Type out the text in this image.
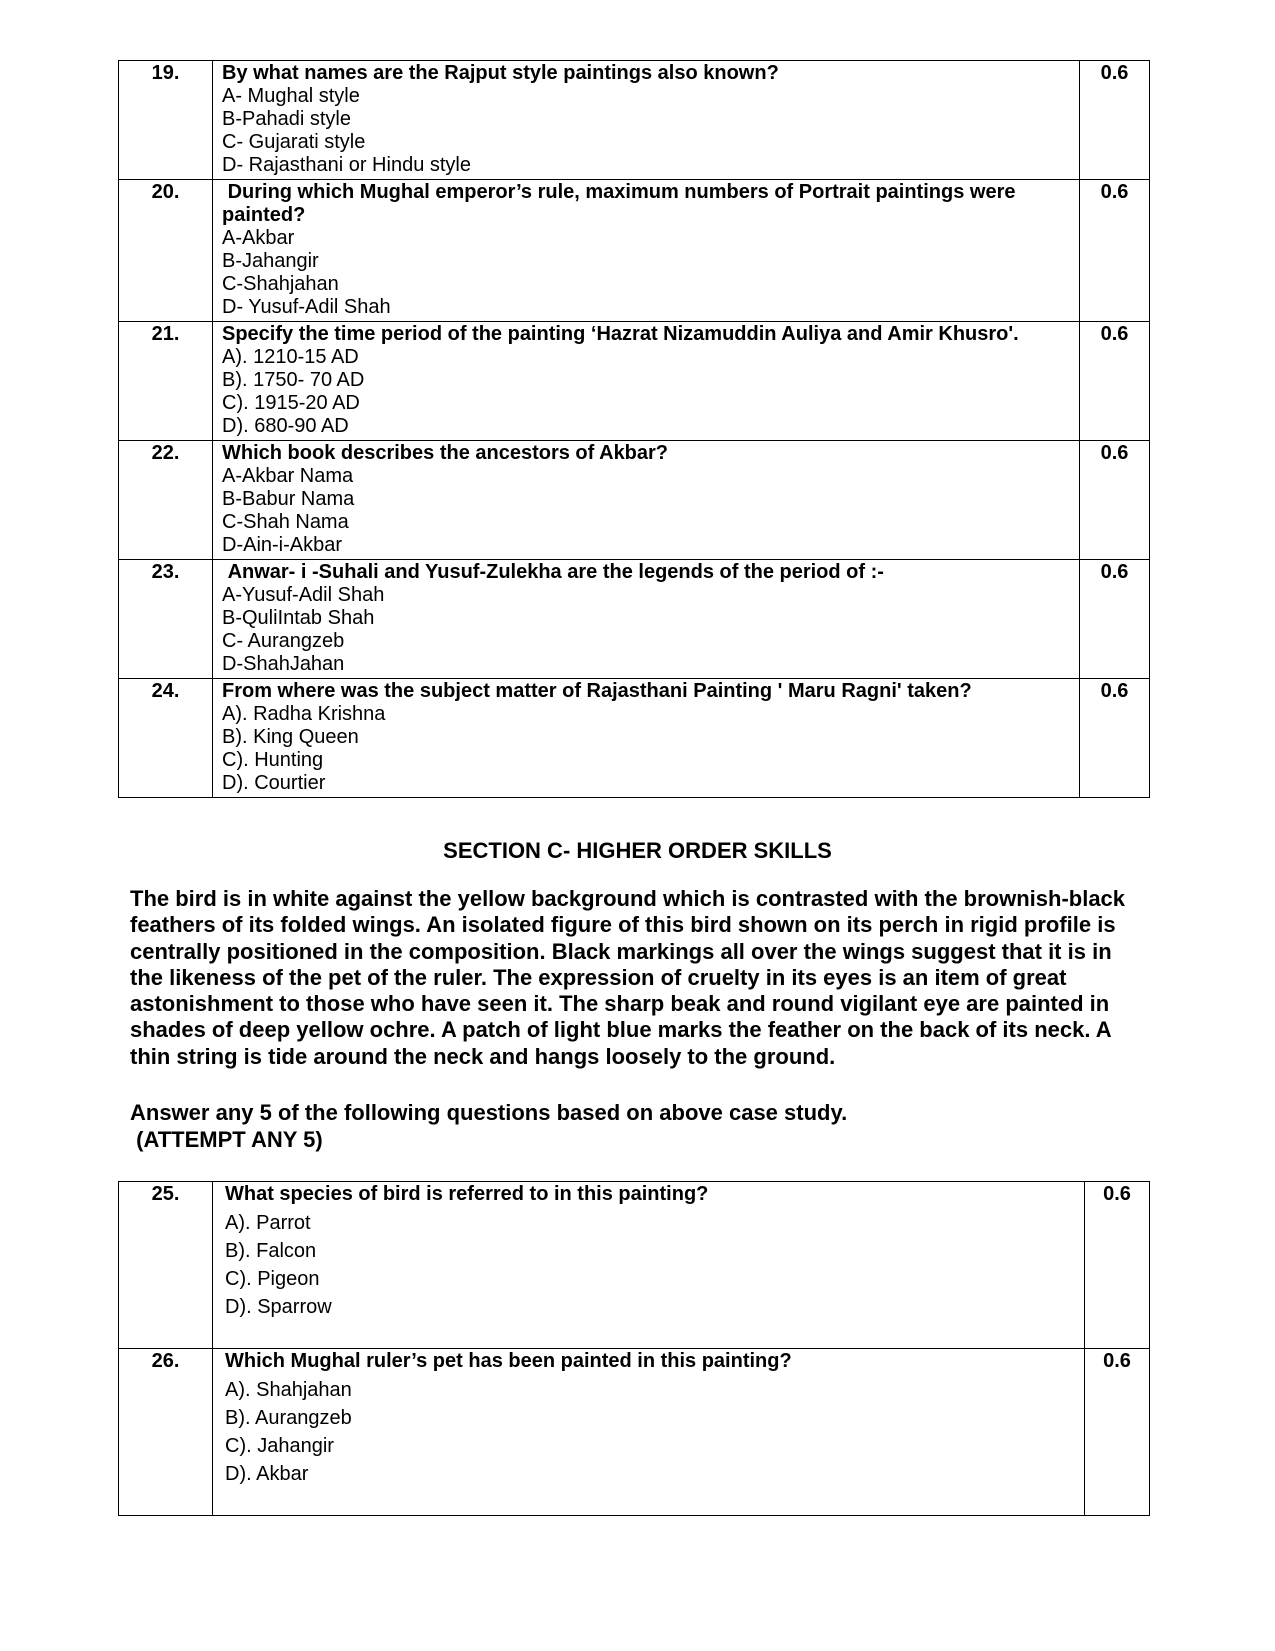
19.	By what names are the Rajput style paintings also known?
A- Mughal style
B-Pahadi style
C- Gujarati style
D- Rajasthani or Hindu style	0.6
20.	During which Mughal emperor’s rule, maximum numbers of Portrait paintings were painted?
A-Akbar
B-Jahangir
C-Shahjahan
D- Yusuf-Adil Shah	0.6
21.	Specify the time period of the painting ‘Hazrat Nizamuddin Auliya and Amir Khusro'.
A). 1210-15 AD
B). 1750- 70 AD
C). 1915-20 AD
D). 680-90 AD	0.6
22.	Which book describes the ancestors of Akbar?
A-Akbar Nama
B-Babur Nama
C-Shah Nama
D-Ain-i-Akbar	0.6
23.	Anwar- i -Suhali and Yusuf-Zulekha are the legends of the period of :-
A-Yusuf-Adil Shah
B-QuliIntab Shah
C- Aurangzeb
D-ShahJahan	0.6
24.	From where was the subject matter of Rajasthani Painting ' Maru Ragni' taken?
A). Radha Krishna
B). King Queen
C). Hunting
D). Courtier	0.6
SECTION C- HIGHER ORDER SKILLS
The bird is in white against the yellow background which is contrasted with the brownish-black feathers of its folded wings. An isolated figure of this bird shown on its perch in rigid profile is centrally positioned in the composition. Black markings all over the wings suggest that it is in the likeness of the pet of the ruler. The expression of cruelty in its eyes is an item of great astonishment to those who have seen it. The sharp beak and round vigilant eye are painted in shades of deep yellow ochre. A patch of light blue marks the feather on the back of its neck. A thin string is tide around the neck and hangs loosely to the ground.
Answer any 5 of the following questions based on above case study.
(ATTEMPT ANY 5)
25.	What species of bird is referred to in this painting?
A). Parrot
B). Falcon
C). Pigeon
D). Sparrow	0.6
26.	Which Mughal ruler’s pet has been painted in this painting?
A). Shahjahan
B). Aurangzeb
C). Jahangir
D). Akbar	0.6
